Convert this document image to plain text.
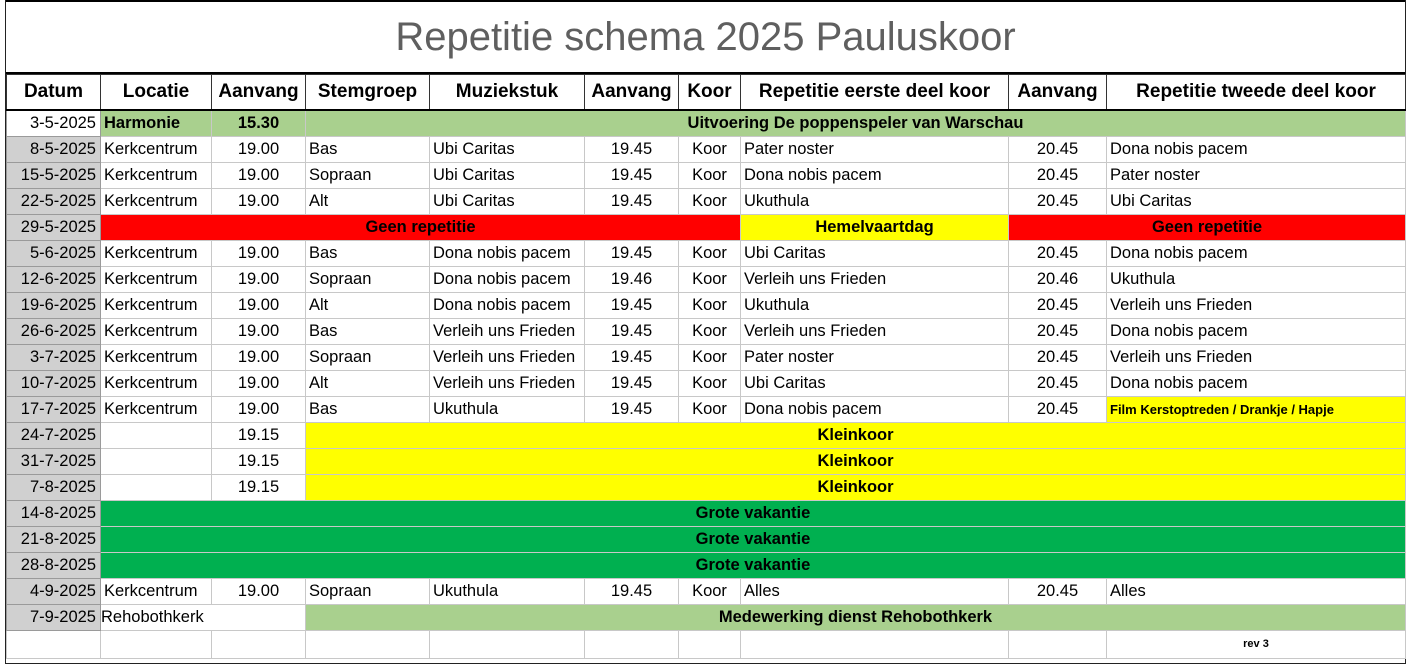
Repetitie schema 2025 Pauluskoor
Datum	Locatie	Aanvang	Stemgroep	Muziekstuk	Aanvang	Koor	Repetitie eerste deel koor	Aanvang	Repetitie tweede deel koor
3-5-2025	Harmonie	15.30	Uitvoering De poppenspeler van Warschau						
8-5-2025	Kerkcentrum	19.00	Bas	Ubi Caritas	19.45	Koor	Pater noster	20.45	Dona nobis pacem
15-5-2025	Kerkcentrum	19.00	Sopraan	Ubi Caritas	19.45	Koor	Dona nobis pacem	20.45	Pater noster
22-5-2025	Kerkcentrum	19.00	Alt	Ubi Caritas	19.45	Koor	Ukuthula	20.45	Ubi Caritas
29-5-2025	Geen repetitie						Hemelvaartdag	Geen repetitie	
5-6-2025	Kerkcentrum	19.00	Bas	Dona nobis pacem	19.45	Koor	Ubi Caritas	20.45	Dona nobis pacem
12-6-2025	Kerkcentrum	19.00	Sopraan	Dona nobis pacem	19.46	Koor	Verleih uns Frieden	20.46	Ukuthula
19-6-2025	Kerkcentrum	19.00	Alt	Dona nobis pacem	19.45	Koor	Ukuthula	20.45	Verleih uns Frieden
26-6-2025	Kerkcentrum	19.00	Bas	Verleih uns Frieden	19.45	Koor	Verleih uns Frieden	20.45	Dona nobis pacem
3-7-2025	Kerkcentrum	19.00	Sopraan	Verleih uns Frieden	19.45	Koor	Pater noster	20.45	Verleih uns Frieden
10-7-2025	Kerkcentrum	19.00	Alt	Verleih uns Frieden	19.45	Koor	Ubi Caritas	20.45	Dona nobis pacem
17-7-2025	Kerkcentrum	19.00	Bas	Ukuthula	19.45	Koor	Dona nobis pacem	20.45	Film Kerstoptreden / Drankje / Hapje
24-7-2025		19.15	Kleinkoor						
31-7-2025		19.15	Kleinkoor						
7-8-2025		19.15	Kleinkoor						
14-8-2025	Grote vakantie								
21-8-2025	Grote vakantie								
28-8-2025	Grote vakantie								
4-9-2025	Kerkcentrum	19.00	Sopraan	Ukuthula	19.45	Koor	Alles	20.45	Alles
7-9-2025	Rehobothkerk		Medewerking dienst Rehobothkerk						
									rev 3
